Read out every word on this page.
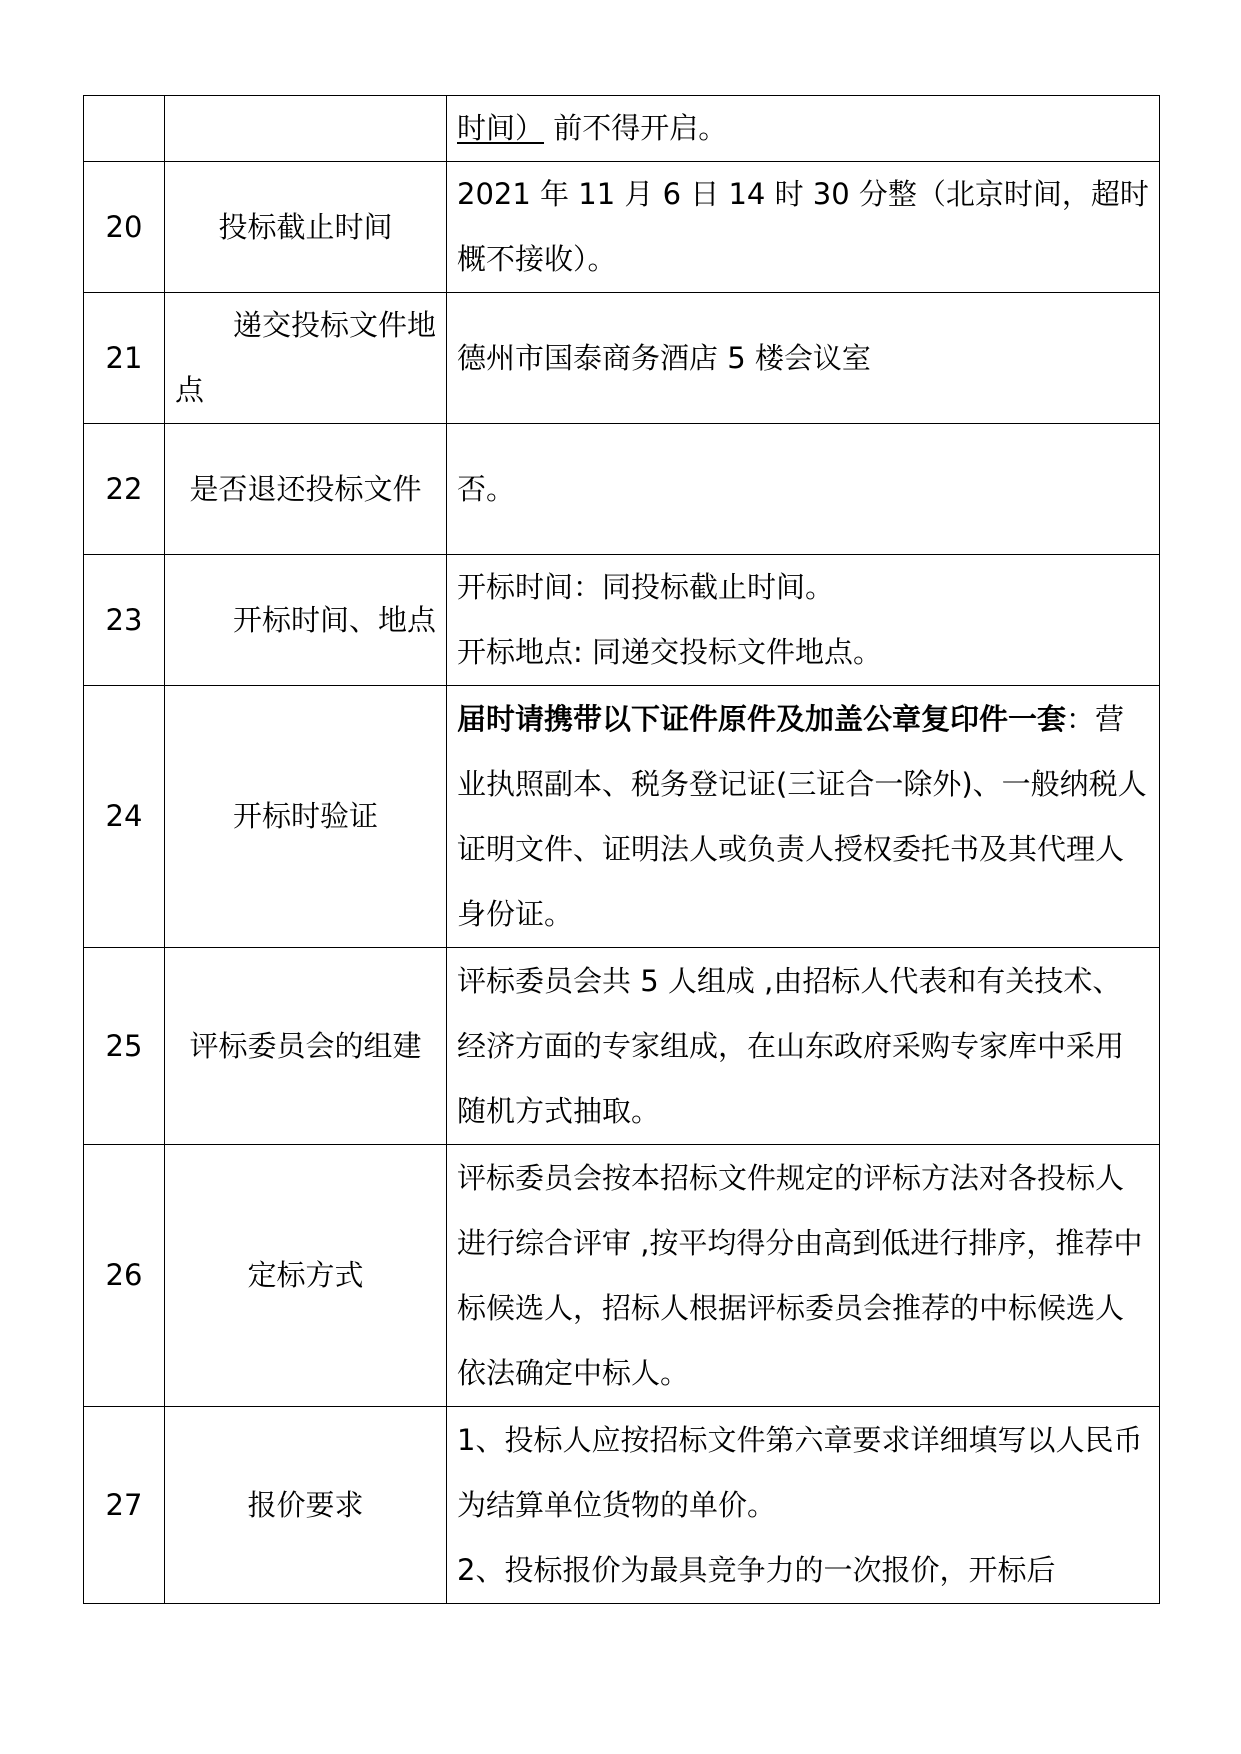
		时间） 前不得开启。
20	投标截止时间	2021 年 11 月 6 日 14 时 30 分整（北京时间，超时概不接收）。
21	递交投标文件地点	德州市国泰商务酒店 5 楼会议室
22	是否退还投标文件	否。
23	开标时间、地点	开标时间：同投标截止时间。
开标地点: 同递交投标文件地点。

24	开标时验证	届时请携带以下证件原件及加盖公章复印件一套：营业执照副本、税务登记证(三证合一除外)、一般纳税人证明文件、证明法人或负责人授权委托书及其代理人身份证。
25	评标委员会的组建	评标委员会共 5 人组成 ,由招标人代表和有关技术、经济方面的专家组成，在山东政府采购专家库中采用随机方式抽取。
26	定标方式	评标委员会按本招标文件规定的评标方法对各投标人进行综合评审 ,按平均得分由高到低进行排序，推荐中标候选人，招标人根据评标委员会推荐的中标候选人依法确定中标人。
27	报价要求	1、投标人应按招标文件第六章要求详细填写以人民币为结算单位货物的单价。
2、投标报价为最具竞争力的一次报价，开标后
